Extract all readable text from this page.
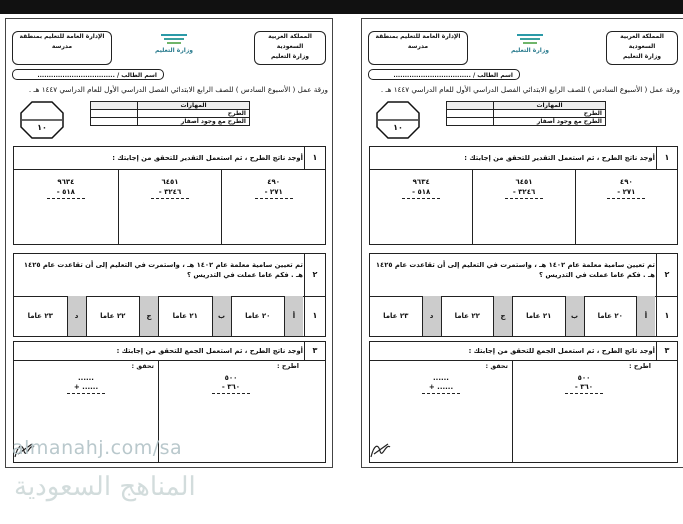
المملكة العربية السعودية
وزارة التعليم
وزارة التعليم
الإدارة العامة للتعليم بمنطقة
مدرسة
اسم الطالب / ..................................
ورقة عمل ( الأسبوع السادس ) للصف الرابع الابتدائي الفصل الدراسي الأول للعام الدراسي ١٤٤٧ هـ .
١٠
المهارات	
الطرح	
الطرح مع وجود أصفار	
١
أوجد ناتج الطرح ، ثم استعمل التقدير للتحقق من إجابتك :
٤٩٠
٢٧١ -
٦٤٥١
٣٢٤٦ -
٩٦٣٤
٥١٨ -
٢
تم تعيين سامية معلمة عام ١٤٠٢ هـ ، واستمرت في التعليم إلى أن تقاعدت عام ١٤٢٥ هـ . فكم عاما عملت في التدريس ؟
١
أ
٢٠ عاما
ب
٢١ عاما
ج
٢٢ عاما
د
٢٣ عاما
٣
أوجد ناتج الطرح ، ثم استعمل الجمع للتحقق من إجابتك :
اطرح :
٥٠٠
٣٦٠ -
تحقق :
......
...... +
المملكة العربية السعودية
وزارة التعليم
وزارة التعليم
الإدارة العامة للتعليم بمنطقة
مدرسة
اسم الطالب / ..................................
ورقة عمل ( الأسبوع السادس ) للصف الرابع الابتدائي الفصل الدراسي الأول للعام الدراسي ١٤٤٧ هـ .
١٠
المهارات	
الطرح	
الطرح مع وجود أصفار	
١
أوجد ناتج الطرح ، ثم استعمل التقدير للتحقق من إجابتك :
٤٩٠
٢٧١ -
٦٤٥١
٣٢٤٦ -
٩٦٣٤
٥١٨ -
٢
تم تعيين سامية معلمة عام ١٤٠٢ هـ ، واستمرت في التعليم إلى أن تقاعدت عام ١٤٢٥ هـ . فكم عاما عملت في التدريس ؟
١
أ
٢٠ عاما
ب
٢١ عاما
ج
٢٢ عاما
د
٢٣ عاما
٣
أوجد ناتج الطرح ، ثم استعمل الجمع للتحقق من إجابتك :
اطرح :
٥٠٠
٣٦٠ -
تحقق :
......
...... +
almanahj.com/sa
المناهج السعودية
